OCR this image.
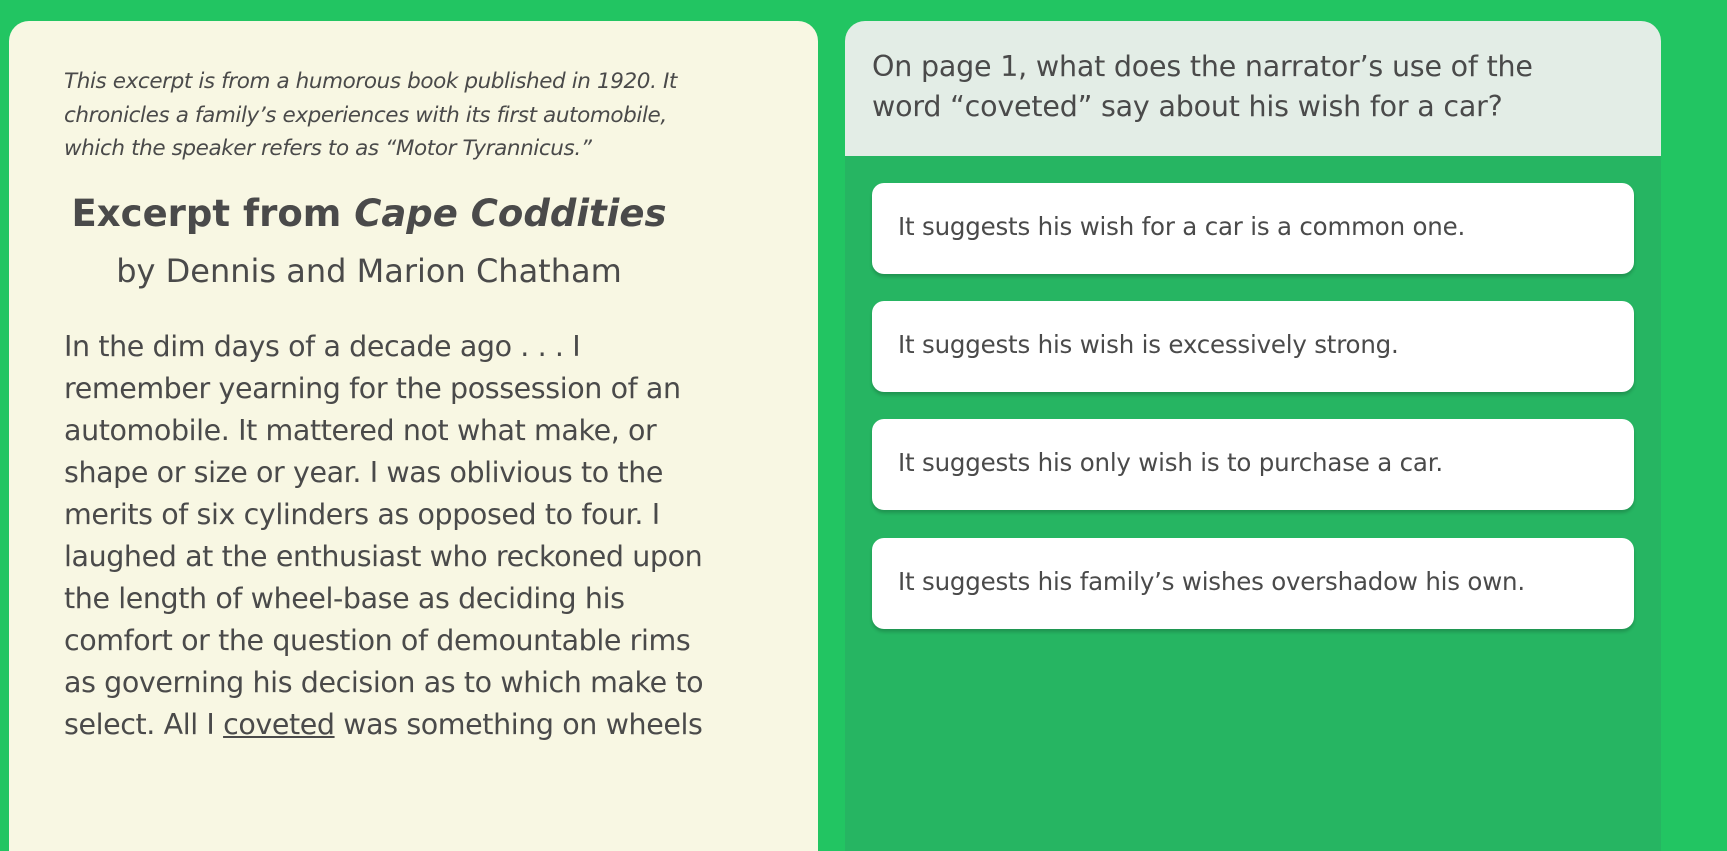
This excerpt is from a humorous book published in 1920. It
chronicles a family’s experiences with its first automobile,
which the speaker refers to as “Motor Tyrannicus.”
Excerpt from Cape Coddities
by Dennis and Marion Chatham
In the dim days of a decade ago . . . I
remember yearning for the possession of an
automobile. It mattered not what make, or
shape or size or year. I was oblivious to the
merits of six cylinders as opposed to four. I
laughed at the enthusiast who reckoned upon
the length of wheel-base as deciding his
comfort or the question of demountable rims
as governing his decision as to which make to
select. All I coveted was something on wheels
On page 1, what does the narrator’s use of the
word “coveted” say about his wish for a car?
It suggests his wish for a car is a common one.
It suggests his wish is excessively strong.
It suggests his only wish is to purchase a car.
It suggests his family’s wishes overshadow his own.
